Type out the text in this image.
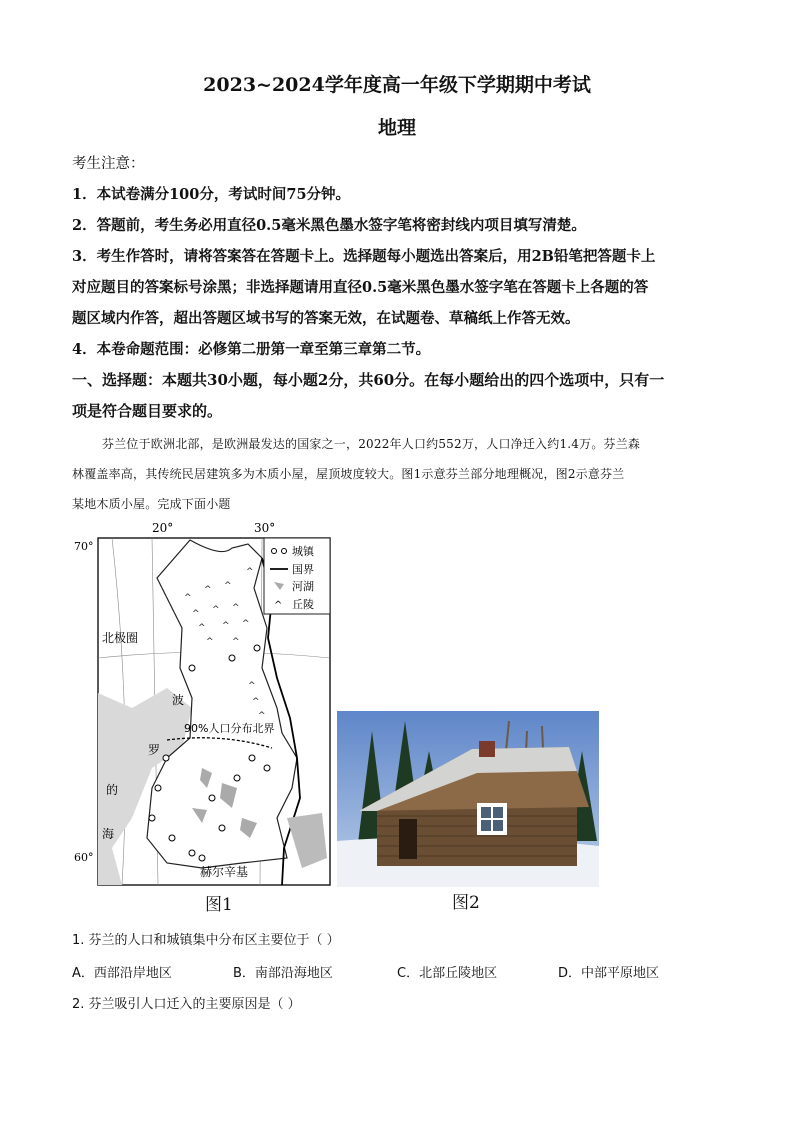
2023~2024学年度高一年级下学期期中考试
地理
考生注意：
1．本试卷满分100分，考试时间75分钟。
2．答题前，考生务必用直径0.5毫米黑色墨水签字笔将密封线内项目填写清楚。
3．考生作答时，请将答案答在答题卡上。选择题每小题选出答案后，用2B铅笔把答题卡上
对应题目的答案标号涂黑；非选择题请用直径0.5毫米黑色墨水签字笔在答题卡上各题的答
题区域内作答，超出答题区域书写的答案无效，在试题卷、草稿纸上作答无效。
4．本卷命题范围：必修第二册第一章至第三章第二节。
一、选择题：本题共30小题，每小题2分，共60分。在每小题给出的四个选项中，只有一
项是符合题目要求的。
芬兰位于欧洲北部，是欧洲最发达的国家之一，2022年人口约552万，人口净迁入约1.4万。芬兰森
林覆盖率高，其传统民居建筑多为木质小屋，屋顶坡度较大。图1示意芬兰部分地理概况，图2示意芬兰
某地木质小屋。完成下面小题
20°	30°
70°
60°
^
^ ^
^ ^ ^
^ ^ ^
^ ^
^
^
^
^
城镇
国界
河湖
^ 丘陵
北极圈
波
罗
的
海
90%人口分布北界
赫尔辛基
图1	图2
1. 芬兰的人口和城镇集中分布区主要位于（ ）
A．西部沿岸地区	B．南部沿海地区	C．北部丘陵地区	D．中部平原地区
2. 芬兰吸引人口迁入的主要原因是（ ）
